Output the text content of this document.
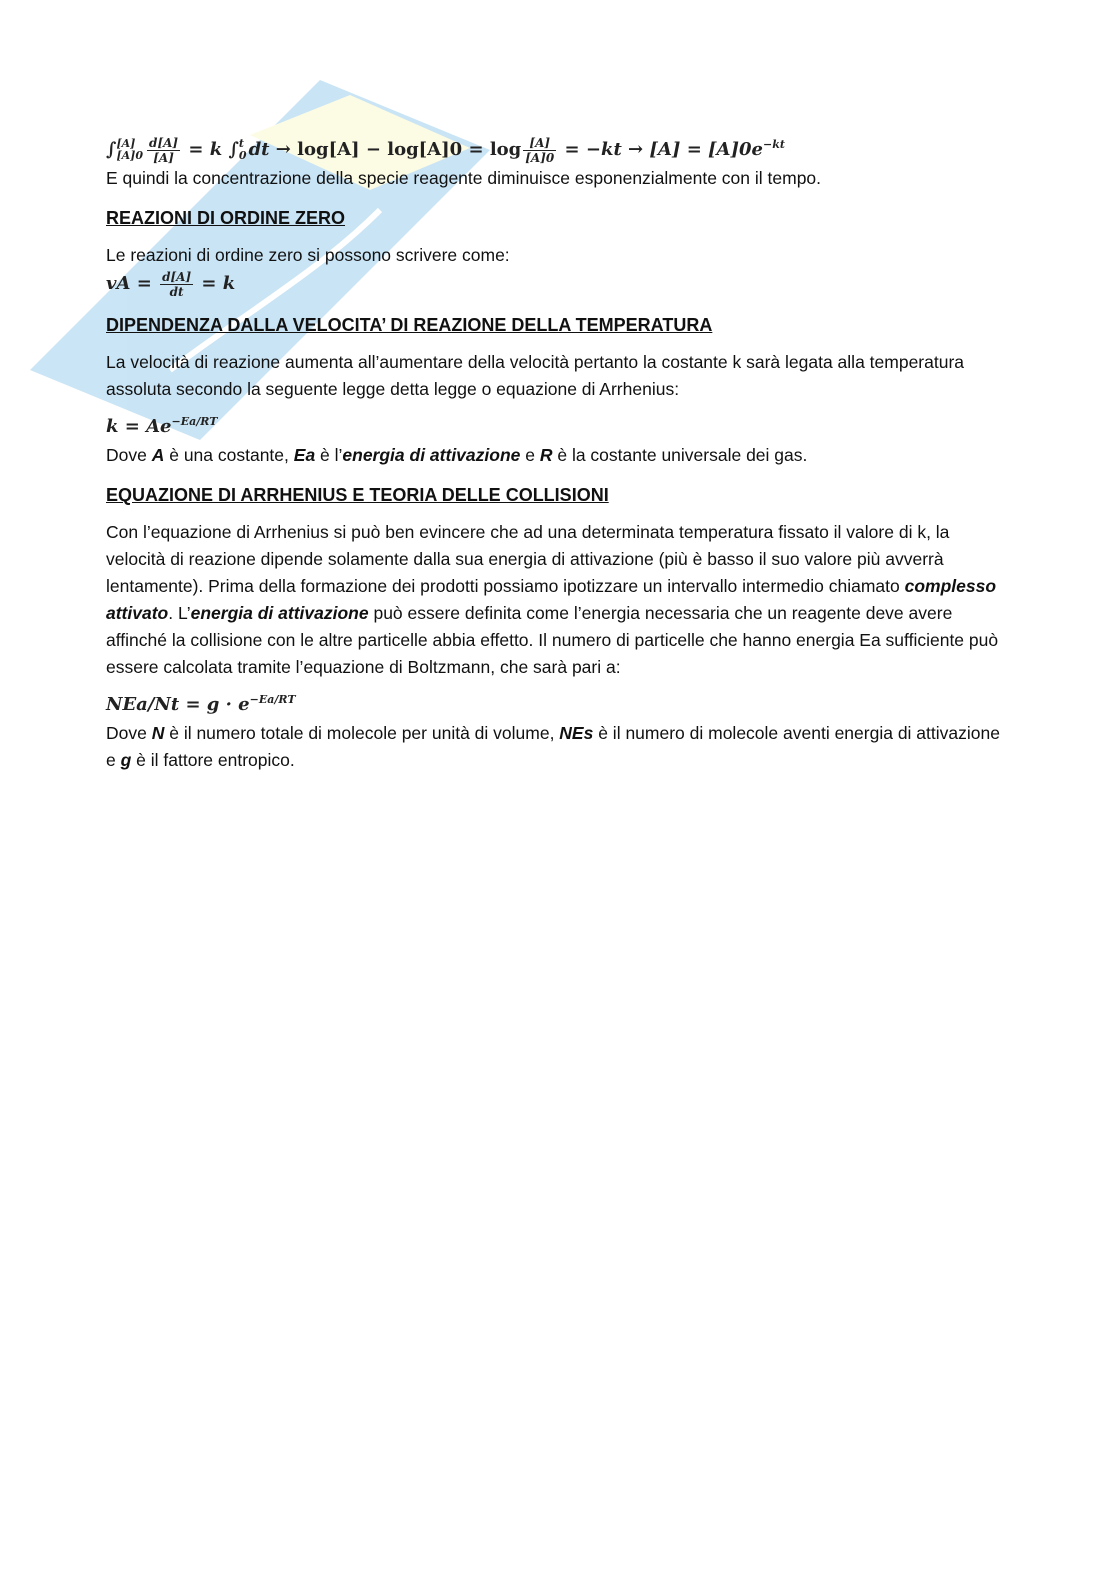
∫ [A]
$[A]0 \frac{d[A]}{[A]} = k$ ∫ t
0 dt → $\log[A] - \log[A]0 = \log \frac{[A]}{[A]0} = -kt \to [A] = [A]0e^{-kt}$

E quindi la concentrazione della specie reagente diminuisce esponenzialmente con il tempo.

REAZIONI DI ORDINE ZERO

Le reazioni di ordine zero si possono scrivere come:

vA = $\frac{d[A]}{dt} = k$

DIPENDENZA DALLA VELOCITA’ DI REAZIONE DELLA TEMPERATURA

La velocità di reazione aumenta all’aumentare della velocità pertanto la costante k sarà legata alla temperatura assoluta secondo la seguente legge detta legge o equazione di Arrhenius:

$k = Ae^{-Ea/RT}$

Dove A è una costante, Ea è l’energia di attivazione e R è la costante universale dei gas.

EQUAZIONE DI ARRHENIUS E TEORIA DELLE COLLISIONI

Con l’equazione di Arrhenius si può ben evincere che ad una determinata temperatura fissato il valore di k, la velocità di reazione dipende solamente dalla sua energia di attivazione (più è basso il suo valore più avverrà lentamente). Prima della formazione dei prodotti possiamo ipotizzare un intervallo intermedio chiamato complesso attivato. L’energia di attivazione può essere definita come l’energia necessaria che un reagente deve avere affinché la collisione con le altre particelle abbia effetto. Il numero di particelle che hanno energia Ea sufficiente può essere calcolata tramite l’equazione di Boltzmann, che sarà pari a:

$NEa/Nt = g \cdot e^{-Ea/RT}$

Dove N è il numero totale di molecole per unità di volume, NEs è il numero di molecole aventi energia di attivazione e g è il fattore entropico.
